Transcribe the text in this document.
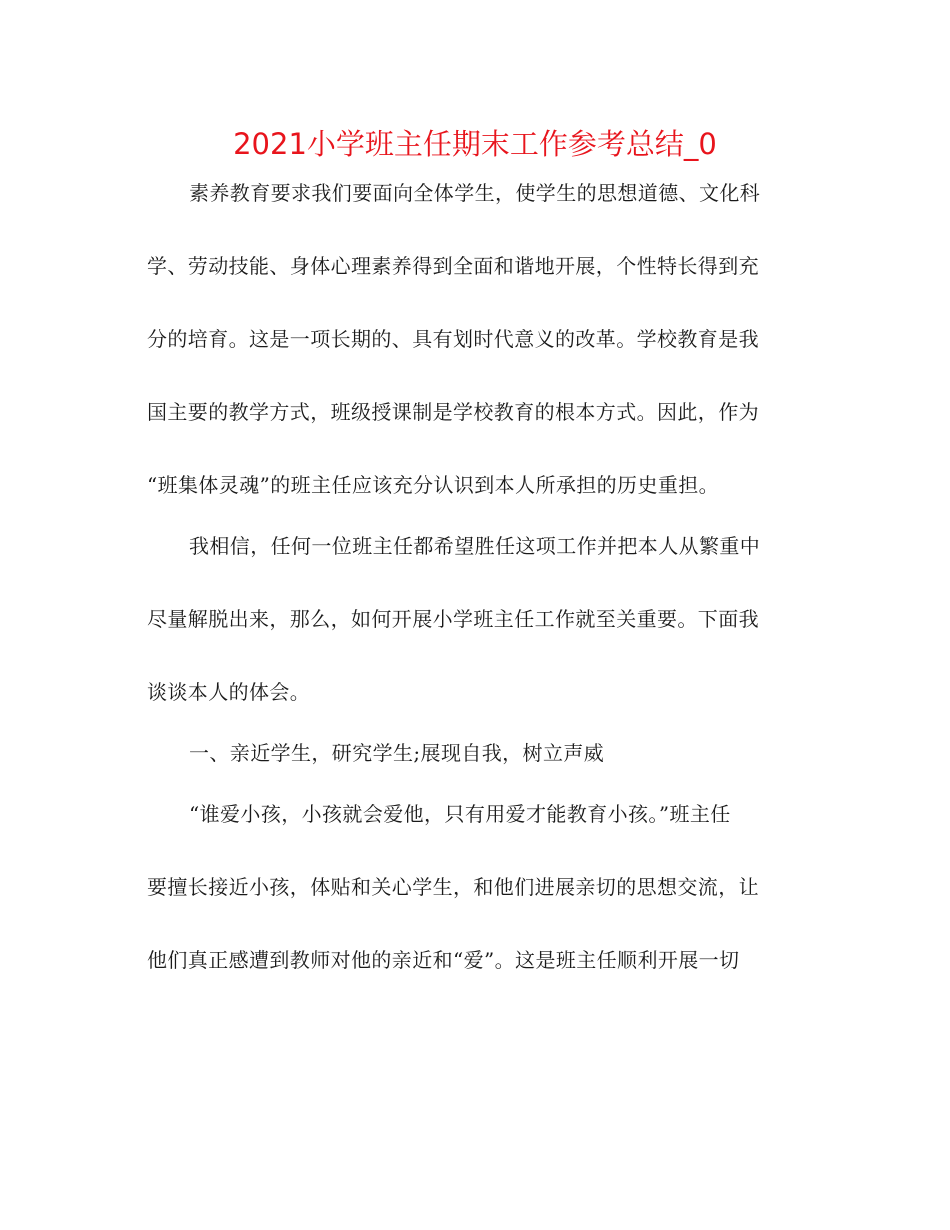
2021小学班主任期末工作参考总结_0
素养教育要求我们要面向全体学生，使学生的思想道德、文化科
学、劳动技能、身体心理素养得到全面和谐地开展，个性特长得到充
分的培育。这是一项长期的、具有划时代意义的改革。学校教育是我
国主要的教学方式，班级授课制是学校教育的根本方式。因此，作为
“班集体灵魂”的班主任应该充分认识到本人所承担的历史重担。
我相信，任何一位班主任都希望胜任这项工作并把本人从繁重中
尽量解脱出来，那么，如何开展小学班主任工作就至关重要。下面我
谈谈本人的体会。
一、亲近学生，研究学生;展现自我，树立声威
“谁爱小孩，小孩就会爱他，只有用爱才能教育小孩。”班主任
要擅长接近小孩，体贴和关心学生，和他们进展亲切的思想交流，让
他们真正感遭到教师对他的亲近和“爱”。这是班主任顺利开展一切
